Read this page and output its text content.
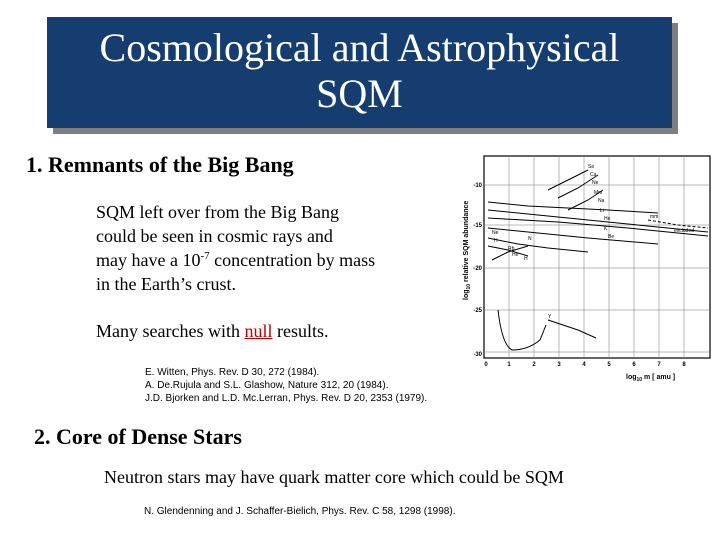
Cosmological and Astrophysical
SQM
1. Remnants of the Big Bang
SQM left over from the Big Bang
could be seen in cosmic rays and
may have a $10^{-7}$ concentration by mass
in the Earth’s crust.
Many searches with null results.
E. Witten, Phys. Rev. D 30, 272 (1984).
A. De.Rujula and S.L. Glashow, Nature 312, 20 (1984).
J.D. Bjorken and L.D. Mc.Lerran, Phys. Rev. D 20, 2353 (1979).
2. Core of Dense Stars
Neutron stars may have quark matter core which could be SQM
N. Glendenning and J. Schaffer-Bielich, Phys. Rev. C 58, 1298 (1998).
Se
Ca
Ne
Mm
Na
Li
He
K
Be
Ne
H
Rb
mm
excluded
He
N
H
Y
-10
-15
-20
-25
-30
0	1	2	3	4	5	6	7	8
$\log_{10}$ relative SQM abundance
$\log_{10} m$ [ amu ]
